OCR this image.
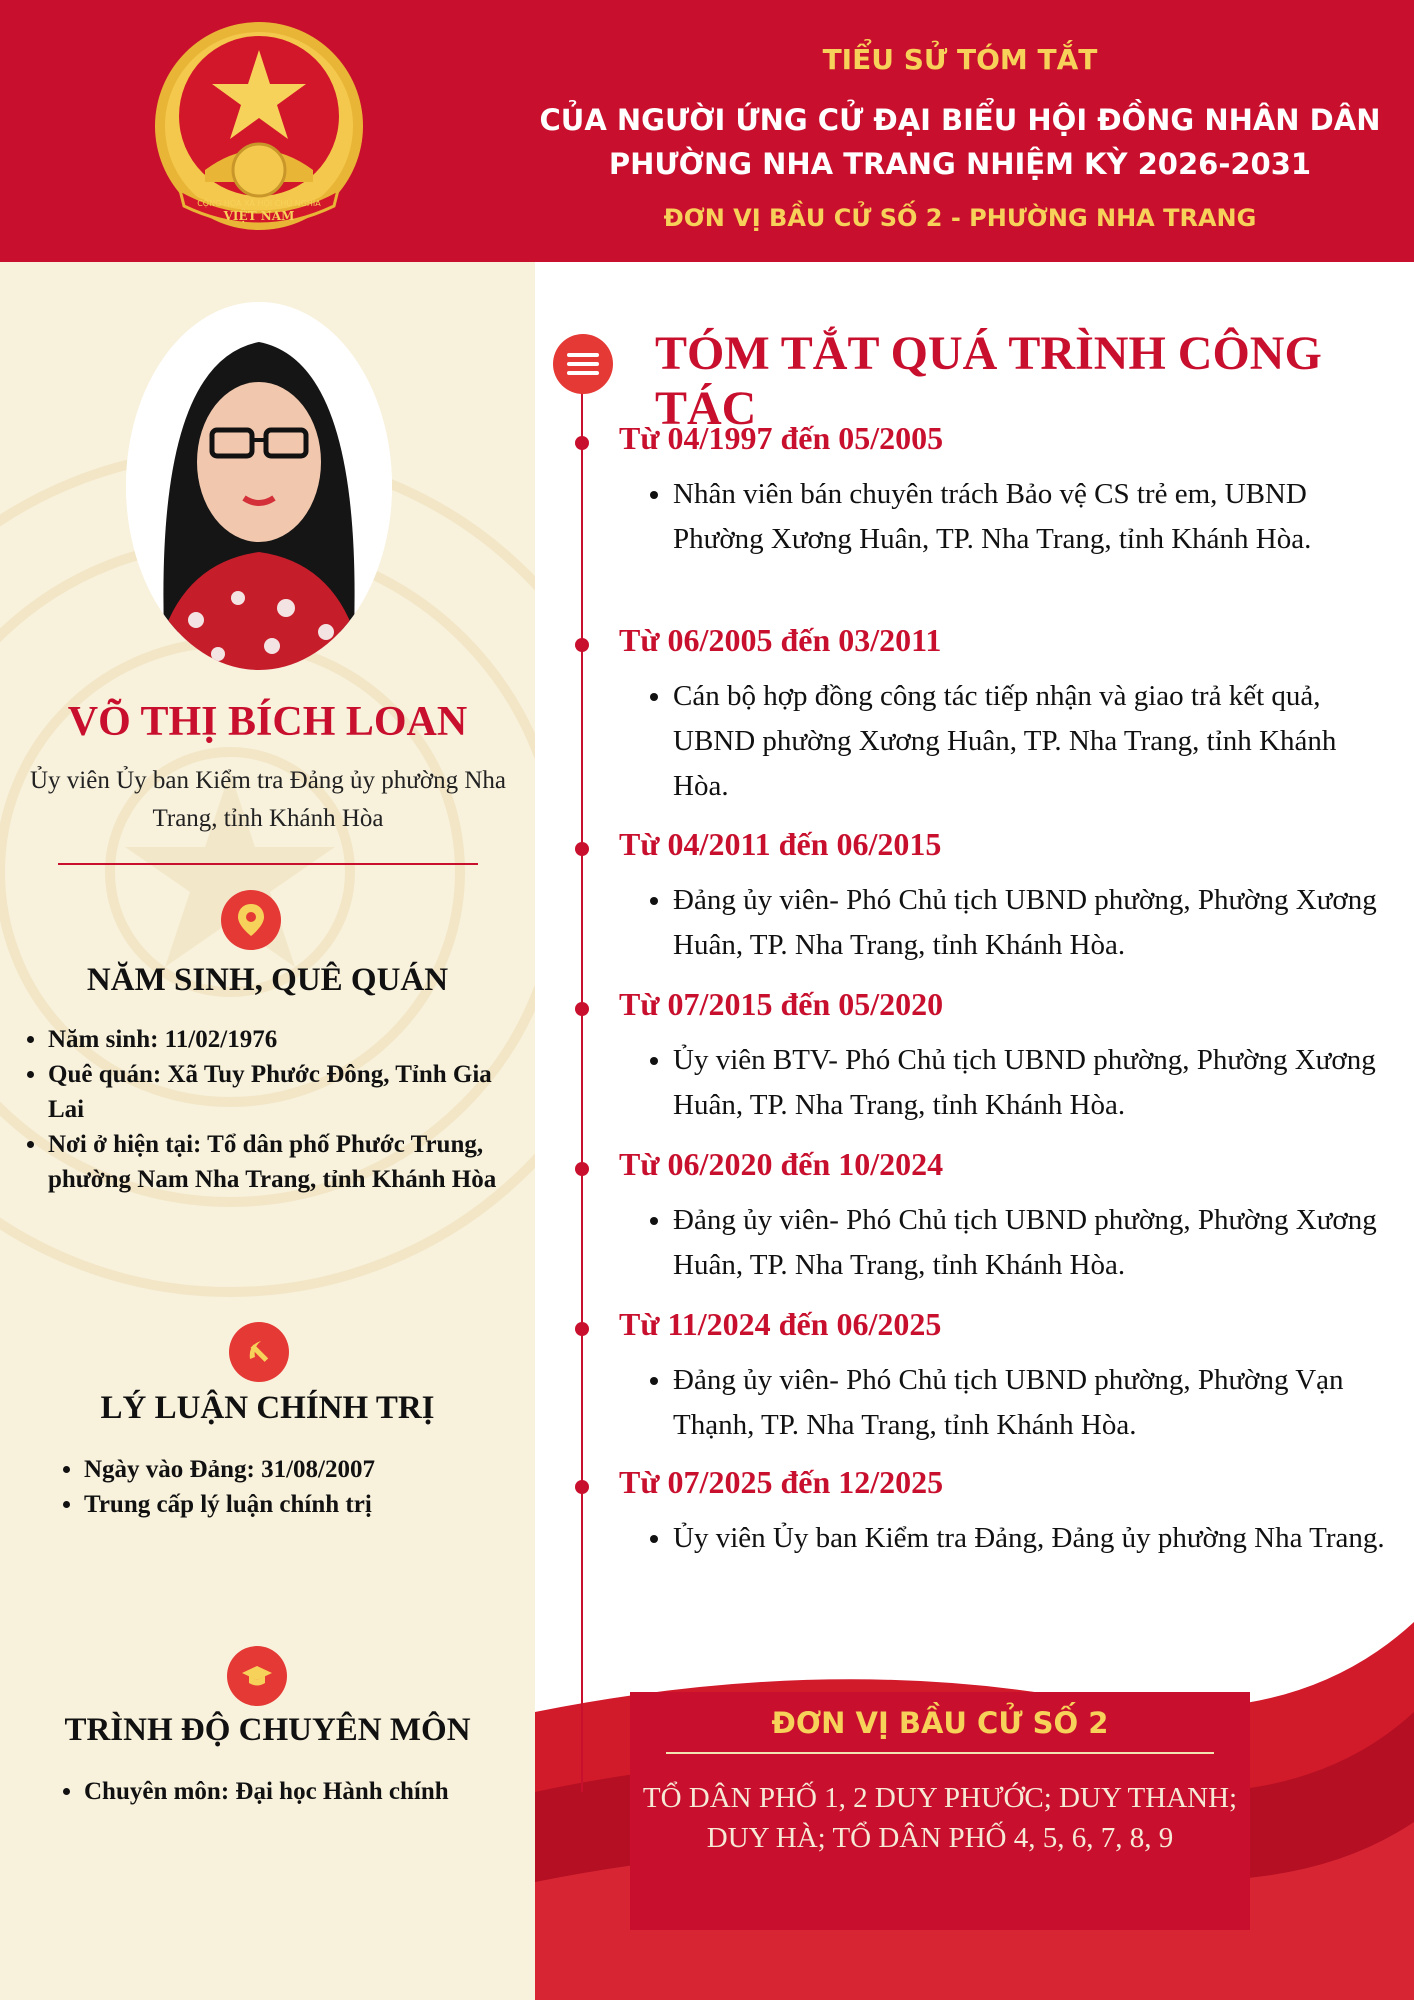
CỘNG HÒA XÃ HỘI CHỦ NGHĨA
VIỆT NAM
TIỂU SỬ TÓM TẮT
CỦA NGƯỜI ỨNG CỬ ĐẠI BIỂU HỘI ĐỒNG NHÂN DÂN
PHƯỜNG NHA TRANG NHIỆM KỲ 2026-2031
ĐƠN VỊ BẦU CỬ SỐ 2 - PHƯỜNG NHA TRANG
VÕ THỊ BÍCH LOAN
Ủy viên Ủy ban Kiểm tra Đảng ủy phường Nha Trang, tỉnh Khánh Hòa
NĂM SINH, QUÊ QUÁN
• Năm sinh: 11/02/1976
• Quê quán: Xã Tuy Phước Đông, Tỉnh Gia Lai
• Nơi ở hiện tại: Tổ dân phố Phước Trung, phường Nam Nha Trang, tỉnh Khánh Hòa
LÝ LUẬN CHÍNH TRỊ
• Ngày vào Đảng: 31/08/2007
• Trung cấp lý luận chính trị
TRÌNH ĐỘ CHUYÊN MÔN
• Chuyên môn: Đại học Hành chính
TÓM TẮT QUÁ TRÌNH CÔNG TÁC
Từ 04/1997 đến 05/2005
• Nhân viên bán chuyên trách Bảo vệ CS trẻ em, UBND Phường Xương Huân, TP. Nha Trang, tỉnh Khánh Hòa.
Từ 06/2005 đến 03/2011
• Cán bộ hợp đồng công tác tiếp nhận và giao trả kết quả, UBND phường Xương Huân, TP. Nha Trang, tỉnh Khánh Hòa.
Từ 04/2011 đến 06/2015
• Đảng ủy viên- Phó Chủ tịch UBND phường, Phường Xương Huân, TP. Nha Trang, tỉnh Khánh Hòa.
Từ 07/2015 đến 05/2020
• Ủy viên BTV- Phó Chủ tịch UBND phường, Phường Xương Huân, TP. Nha Trang, tỉnh Khánh Hòa.
Từ 06/2020 đến 10/2024
• Đảng ủy viên- Phó Chủ tịch UBND phường, Phường Xương Huân, TP. Nha Trang, tỉnh Khánh Hòa.
Từ 11/2024 đến 06/2025
• Đảng ủy viên- Phó Chủ tịch UBND phường, Phường Vạn Thạnh, TP. Nha Trang, tỉnh Khánh Hòa.
Từ 07/2025 đến 12/2025
• Ủy viên Ủy ban Kiểm tra Đảng, Đảng ủy phường Nha Trang.
ĐƠN VỊ BẦU CỬ SỐ 2
TỔ DÂN PHỐ 1, 2 DUY PHƯỚC; DUY THANH; DUY HÀ; TỔ DÂN PHỐ 4, 5, 6, 7, 8, 9
